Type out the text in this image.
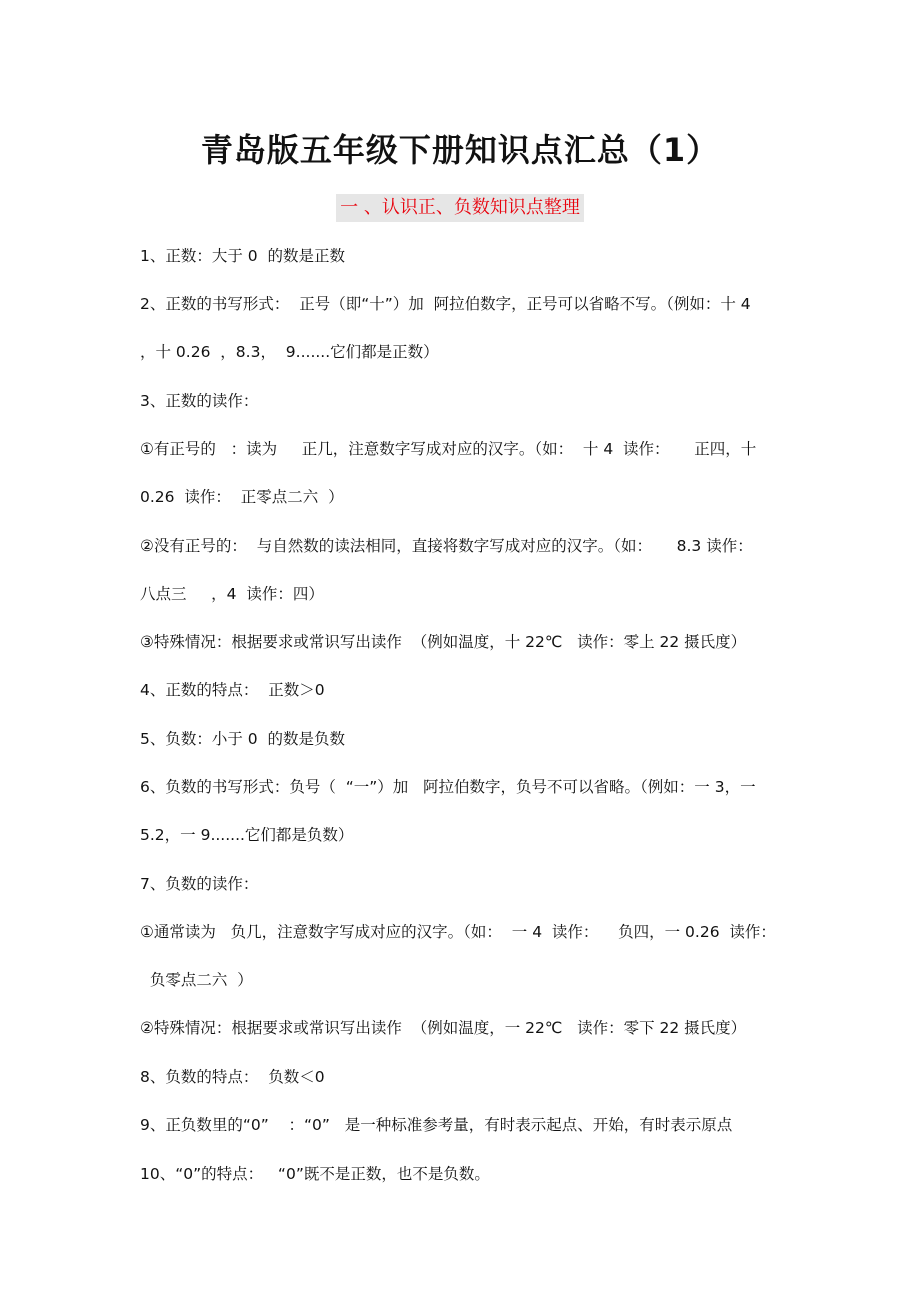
青岛版五年级下册知识点汇总（1）
一 、认识正、负数知识点整理
1、正数：大于 0  的数是正数
2、正数的书写形式：  正号（即“十”）加  阿拉伯数字，正号可以省略不写。（例如：十 4
，十 0.26  ，8.3，  9.......它们都是正数）
3、正数的读作：
①有正号的   ：读为     正几，注意数字写成对应的汉字。（如：  十 4  读作：     正四，十
0.26  读作：  正零点二六  ）
②没有正号的：  与自然数的读法相同，直接将数字写成对应的汉字。（如：     8.3 读作：
八点三     ，4  读作：四）
③特殊情况：根据要求或常识写出读作  （例如温度，十 22℃   读作：零上 22 摄氏度）
4、正数的特点：  正数＞0
5、负数：小于 0  的数是负数
6、负数的书写形式：负号（  “一”）加   阿拉伯数字，负号不可以省略。（例如：一 3，一
5.2，一 9.......它们都是负数）
7、负数的读作：
①通常读为   负几，注意数字写成对应的汉字。（如：  一 4  读作：    负四，一 0.26  读作：
负零点二六  ）
②特殊情况：根据要求或常识写出读作  （例如温度，一 22℃   读作：零下 22 摄氏度）
8、负数的特点：  负数＜0
9、正负数里的“0”    ：“0”   是一种标准参考量，有时表示起点、开始，有时表示原点
10、“0”的特点：   “0”既不是正数，也不是负数。
